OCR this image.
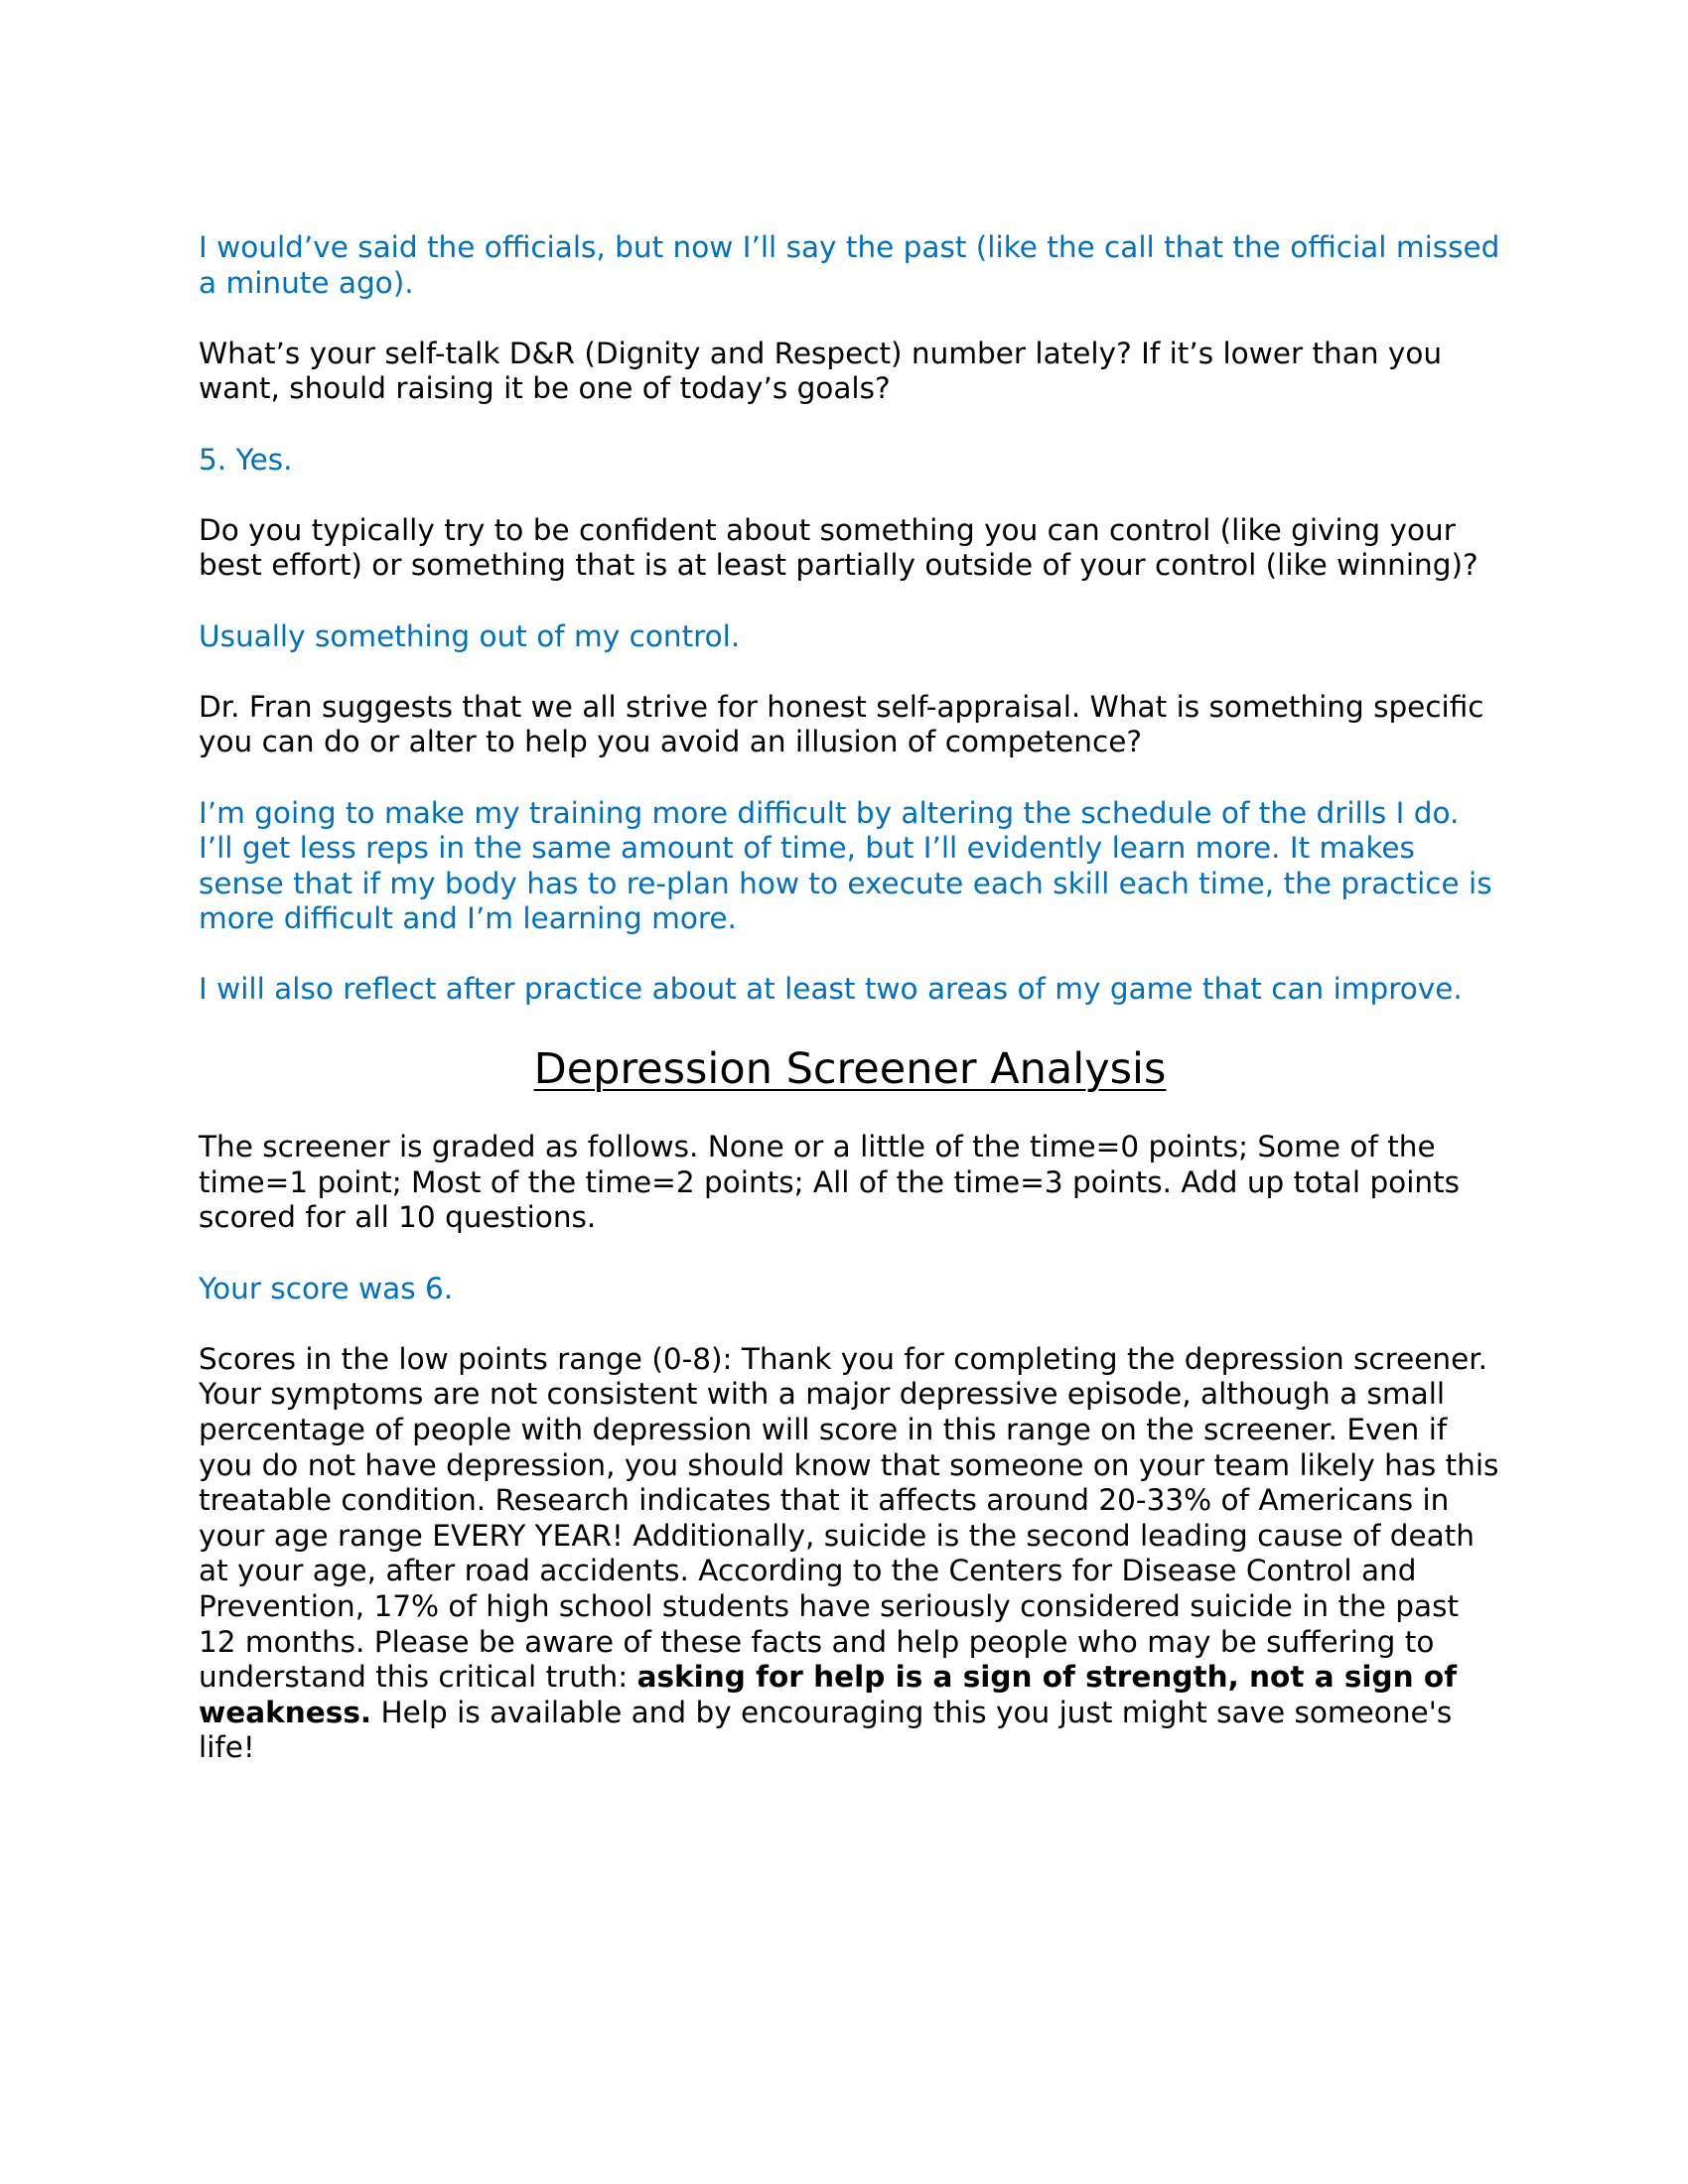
I would’ve said the officials, but now I’ll say the past (like the call that the official missed a minute ago).

What’s your self-talk D&R (Dignity and Respect) number lately? If it’s lower than you want, should raising it be one of today’s goals?

5. Yes.

Do you typically try to be confident about something you can control (like giving your best effort) or something that is at least partially outside of your control (like winning)?

Usually something out of my control.

Dr. Fran suggests that we all strive for honest self-appraisal. What is something specific you can do or alter to help you avoid an illusion of competence?

I’m going to make my training more difficult by altering the schedule of the drills I do. I’ll get less reps in the same amount of time, but I’ll evidently learn more. It makes sense that if my body has to re-plan how to execute each skill each time, the practice is more difficult and I’m learning more.

I will also reflect after practice about at least two areas of my game that can improve.

Depression Screener Analysis

The screener is graded as follows. None or a little of the time=0 points; Some of the time=1 point; Most of the time=2 points; All of the time=3 points. Add up total points scored for all 10 questions.

Your score was 6.

Scores in the low points range (0-8): Thank you for completing the depression screener. Your symptoms are not consistent with a major depressive episode, although a small percentage of people with depression will score in this range on the screener. Even if you do not have depression, you should know that someone on your team likely has this treatable condition. Research indicates that it affects around 20-33% of Americans in your age range EVERY YEAR! Additionally, suicide is the second leading cause of death at your age, after road accidents. According to the Centers for Disease Control and Prevention, 17% of high school students have seriously considered suicide in the past 12 months. Please be aware of these facts and help people who may be suffering to understand this critical truth: asking for help is a sign of strength, not a sign of weakness. Help is available and by encouraging this you just might save someone's life!
